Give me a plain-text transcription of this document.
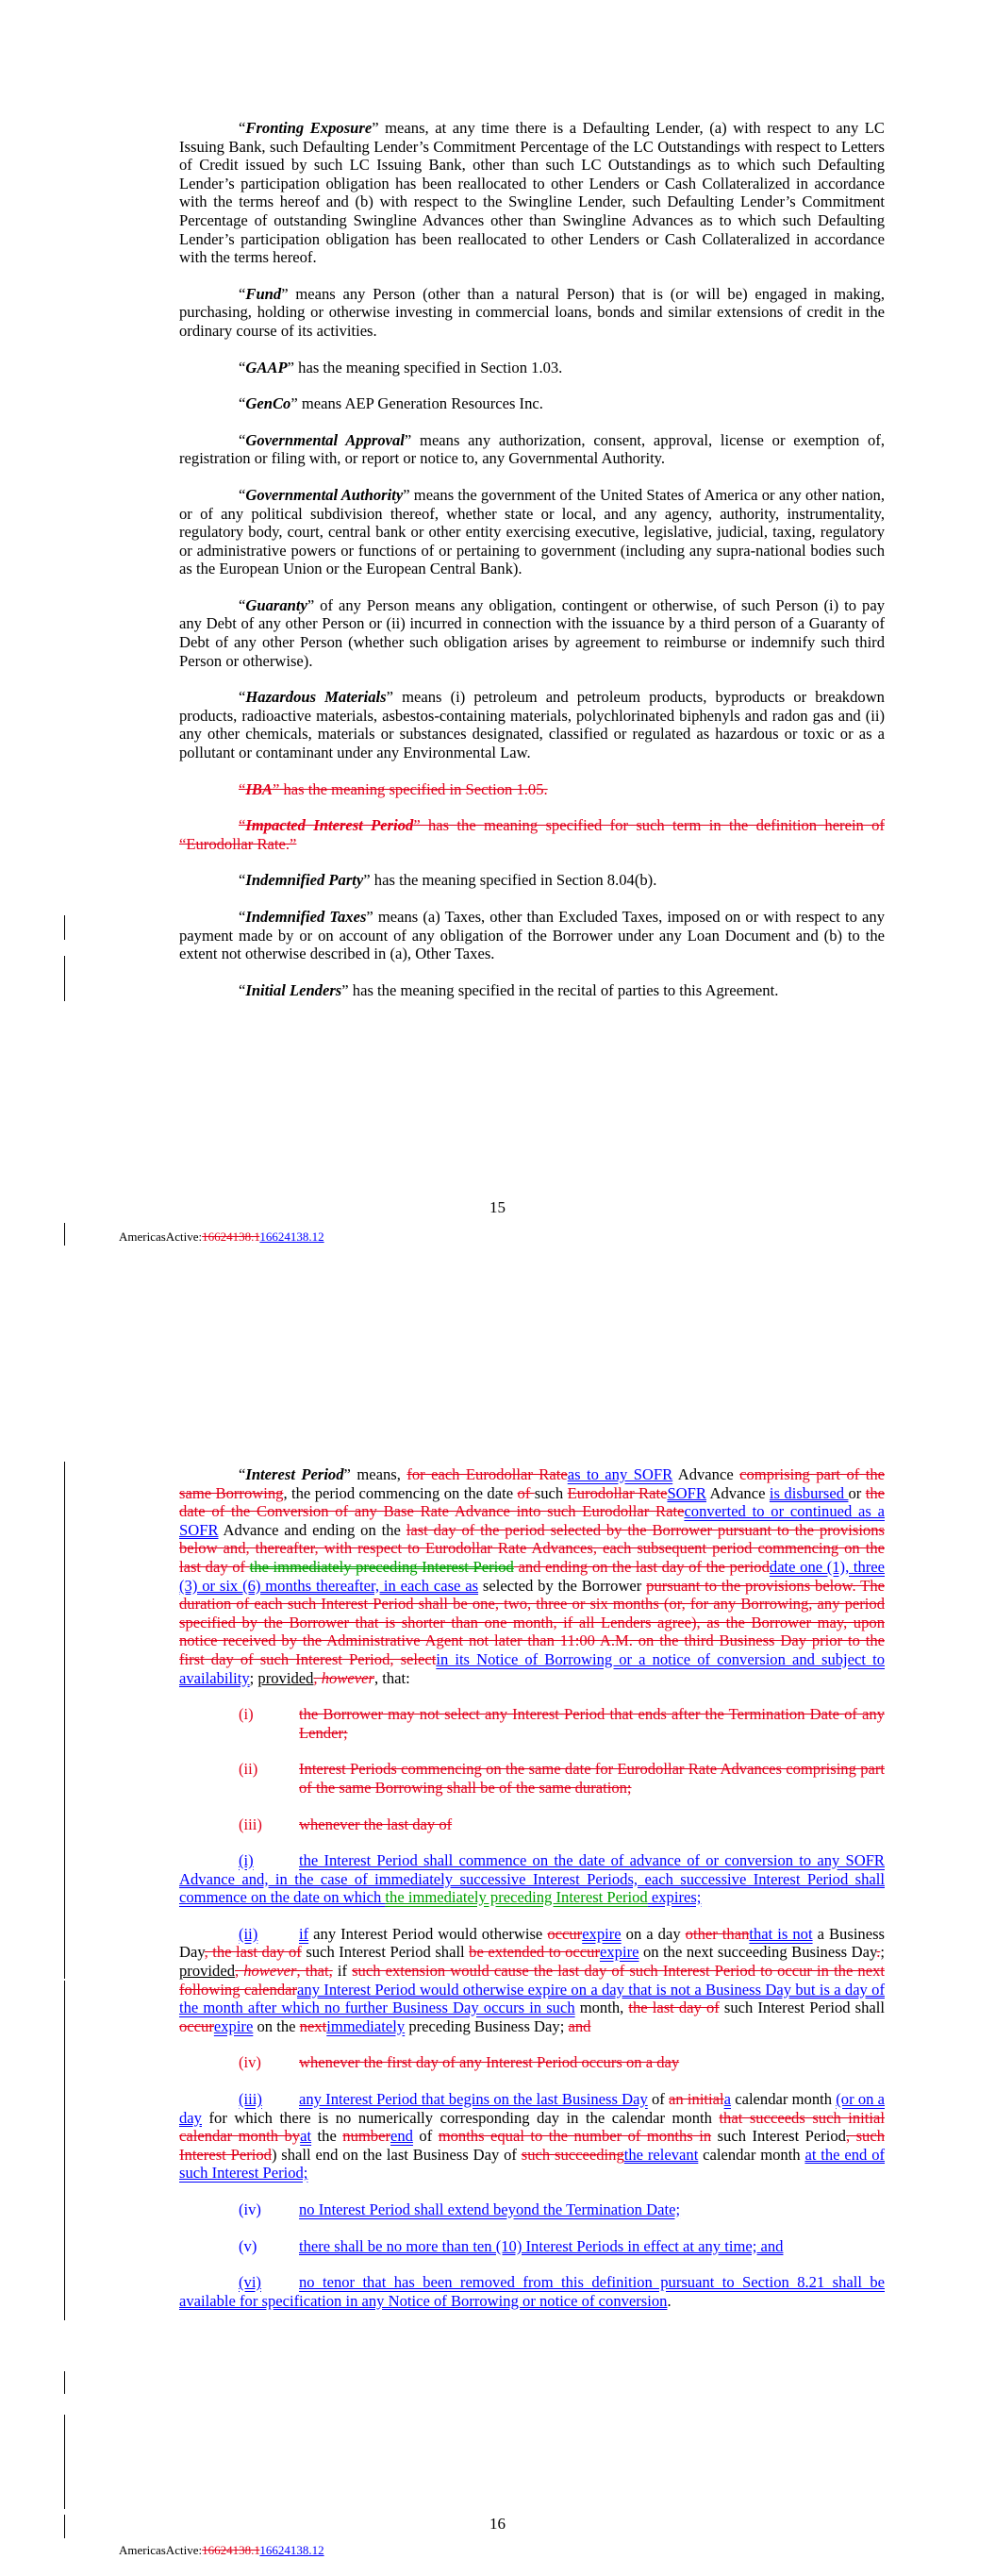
“Fronting Exposure” means, at any time there is a Defaulting Lender, (a) with respect to any LC Issuing Bank, such Defaulting Lender’s Commitment Percentage of the LC Outstandings with respect to Letters of Credit issued by such LC Issuing Bank, other than such LC Outstandings as to which such Defaulting Lender’s participation obligation has been reallocated to other Lenders or Cash Collateralized in accordance with the terms hereof and (b) with respect to the Swingline Lender, such Defaulting Lender’s Commitment Percentage of outstanding Swingline Advances other than Swingline Advances as to which such Defaulting Lender’s participation obligation has been reallocated to other Lenders or Cash Collateralized in accordance with the terms hereof.

“Fund” means any Person (other than a natural Person) that is (or will be) engaged in making, purchasing, holding or otherwise investing in commercial loans, bonds and similar extensions of credit in the ordinary course of its activities.

“GAAP” has the meaning specified in Section 1.03.

“GenCo” means AEP Generation Resources Inc.

“Governmental Approval” means any authorization, consent, approval, license or exemption of, registration or filing with, or report or notice to, any Governmental Authority.

“Governmental Authority” means the government of the United States of America or any other nation, or of any political subdivision thereof, whether state or local, and any agency, authority, instrumentality, regulatory body, court, central bank or other entity exercising executive, legislative, judicial, taxing, regulatory or administrative powers or functions of or pertaining to government (including any supra-national bodies such as the European Union or the European Central Bank).

“Guaranty” of any Person means any obligation, contingent or otherwise, of such Person (i) to pay any Debt of any other Person or (ii) incurred in connection with the issuance by a third person of a Guaranty of Debt of any other Person (whether such obligation arises by agreement to reimburse or indemnify such third Person or otherwise).

“Hazardous Materials” means (i) petroleum and petroleum products, byproducts or breakdown products, radioactive materials, asbestos-containing materials, polychlorinated biphenyls and radon gas and (ii) any other chemicals, materials or substances designated, classified or regulated as hazardous or toxic or as a pollutant or contaminant under any Environmental Law.

“IBA” has the meaning specified in Section 1.05.

“Impacted Interest Period” has the meaning specified for such term in the definition herein of “Eurodollar Rate.”

“Indemnified Party” has the meaning specified in Section 8.04(b).

“Indemnified Taxes” means (a) Taxes, other than Excluded Taxes, imposed on or with respect to any payment made by or on account of any obligation of the Borrower under any Loan Document and (b) to the extent not otherwise described in (a), Other Taxes.

“Initial Lenders” has the meaning specified in the recital of parties to this Agreement.

15
AmericasActive:16624138.116624138.12

“Interest Period” means, for each Eurodollar Rateas to any SOFR Advance comprising part of the same Borrowing, the period commencing on the date of such Eurodollar RateSOFR Advance is disbursed or the date of the Conversion of any Base Rate Advance into such Eurodollar Rateconverted to or continued as a SOFR Advance and ending on the last day of the period selected by the Borrower pursuant to the provisions below and, thereafter, with respect to Eurodollar Rate Advances, each subsequent period commencing on the last day of the immediately preceding Interest Period and ending on the last day of the perioddate one (1), three (3) or six (6) months thereafter, in each case as selected by the Borrower pursuant to the provisions below. The duration of each such Interest Period shall be one, two, three or six months (or, for any Borrowing, any period specified by the Borrower that is shorter than one month, if all Lenders agree), as the Borrower may, upon notice received by the Administrative Agent not later than 11:00 A.M. on the third Business Day prior to the first day of such Interest Period, selectin its Notice of Borrowing or a notice of conversion and subject to availability; provided, however, that:

(i)	the Borrower may not select any Interest Period that ends after the Termination Date of any Lender;

(ii)	Interest Periods commencing on the same date for Eurodollar Rate Advances comprising part of the same Borrowing shall be of the same duration;

(iii) whenever the last day of

(i)	the Interest Period shall commence on the date of advance of or conversion to any SOFR Advance and, in the case of immediately successive Interest Periods, each successive Interest Period shall commence on the date on which the immediately preceding Interest Period expires;

(ii)	if any Interest Period would otherwise occurexpire on a day other thanthat is not a Business Day, the last day of such Interest Period shall be extended to occurexpire on the next succeeding Business Day.; provided, however, that, if such extension would cause the last day of such Interest Period to occur in the next following calendarany Interest Period would otherwise expire on a day that is not a Business Day but is a day of the month after which no further Business Day occurs in such month, the last day of such Interest Period shall occurexpire on the nextimmediately preceding Business Day; and

(iv) whenever the first day of any Interest Period occurs on a day

(iii) any Interest Period that begins on the last Business Day of an initiala calendar month (or on a day for which there is no numerically corresponding day in the calendar month that succeeds such initial calendar month byat the numberend of months equal to the number of months in such Interest Period, such Interest Period) shall end on the last Business Day of such succeedingthe relevant calendar month at the end of such Interest Period;

(iv) no Interest Period shall extend beyond the Termination Date;

(v)	there shall be no more than ten (10) Interest Periods in effect at any time; and

(vi) no tenor that has been removed from this definition pursuant to Section 8.21 shall be available for specification in any Notice of Borrowing or notice of conversion.

16
AmericasActive:16624138.116624138.12
